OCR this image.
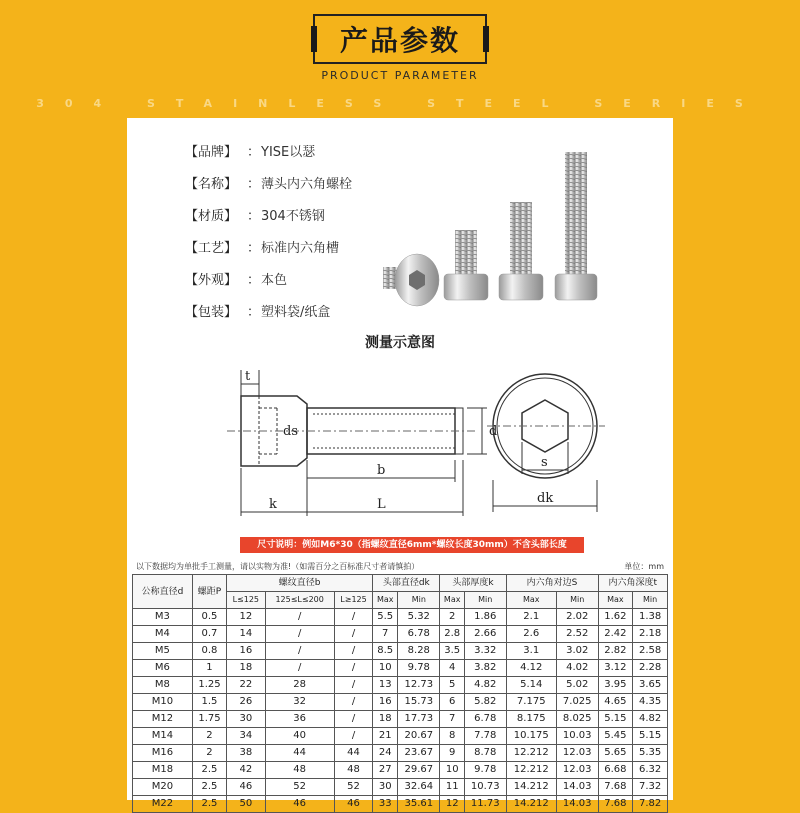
产品参数
PRODUCT PARAMETER
304 STAINLESS STEEL SERIES
【品牌】 ： YISE以瑟
【名称】 ： 薄头内六角螺栓
【材质】 ： 304不锈钢
【工艺】 ： 标准内六角槽
【外观】 ： 本色
【包装】 ： 塑料袋/纸盒
测量示意图
t
ds	d
b
k	L
s
dk
尺寸说明：例如M6*30（指螺纹直径6mm*螺纹长度30mm）不含头部长度
以下数据均为单批手工测量，请以实物为准!（如需百分之百标准尺寸者请慎拍）	单位：mm
公称直径d	螺距P	螺纹直径b			头部直径dk		头部厚度k		内六角对边S		内六角深度t	
		L≤125	125≤L≤200	L≥125	Max	Min	Max	Min	Max	Min	Max	Min
M3	0.5	12	/	/	5.5	5.32	2	1.86	2.1	2.02	1.62	1.38
M4	0.7	14	/	/	7	6.78	2.8	2.66	2.6	2.52	2.42	2.18
M5	0.8	16	/	/	8.5	8.28	3.5	3.32	3.1	3.02	2.82	2.58
M6	1	18	/	/	10	9.78	4	3.82	4.12	4.02	3.12	2.28
M8	1.25	22	28	/	13	12.73	5	4.82	5.14	5.02	3.95	3.65
M10	1.5	26	32	/	16	15.73	6	5.82	7.175	7.025	4.65	4.35
M12	1.75	30	36	/	18	17.73	7	6.78	8.175	8.025	5.15	4.82
M14	2	34	40	/	21	20.67	8	7.78	10.175	10.03	5.45	5.15
M16	2	38	44	44	24	23.67	9	8.78	12.212	12.03	5.65	5.35
M18	2.5	42	48	48	27	29.67	10	9.78	12.212	12.03	6.68	6.32
M20	2.5	46	52	52	30	32.64	11	10.73	14.212	14.03	7.68	7.32
M22	2.5	50	46	46	33	35.61	12	11.73	14.212	14.03	7.68	7.82
